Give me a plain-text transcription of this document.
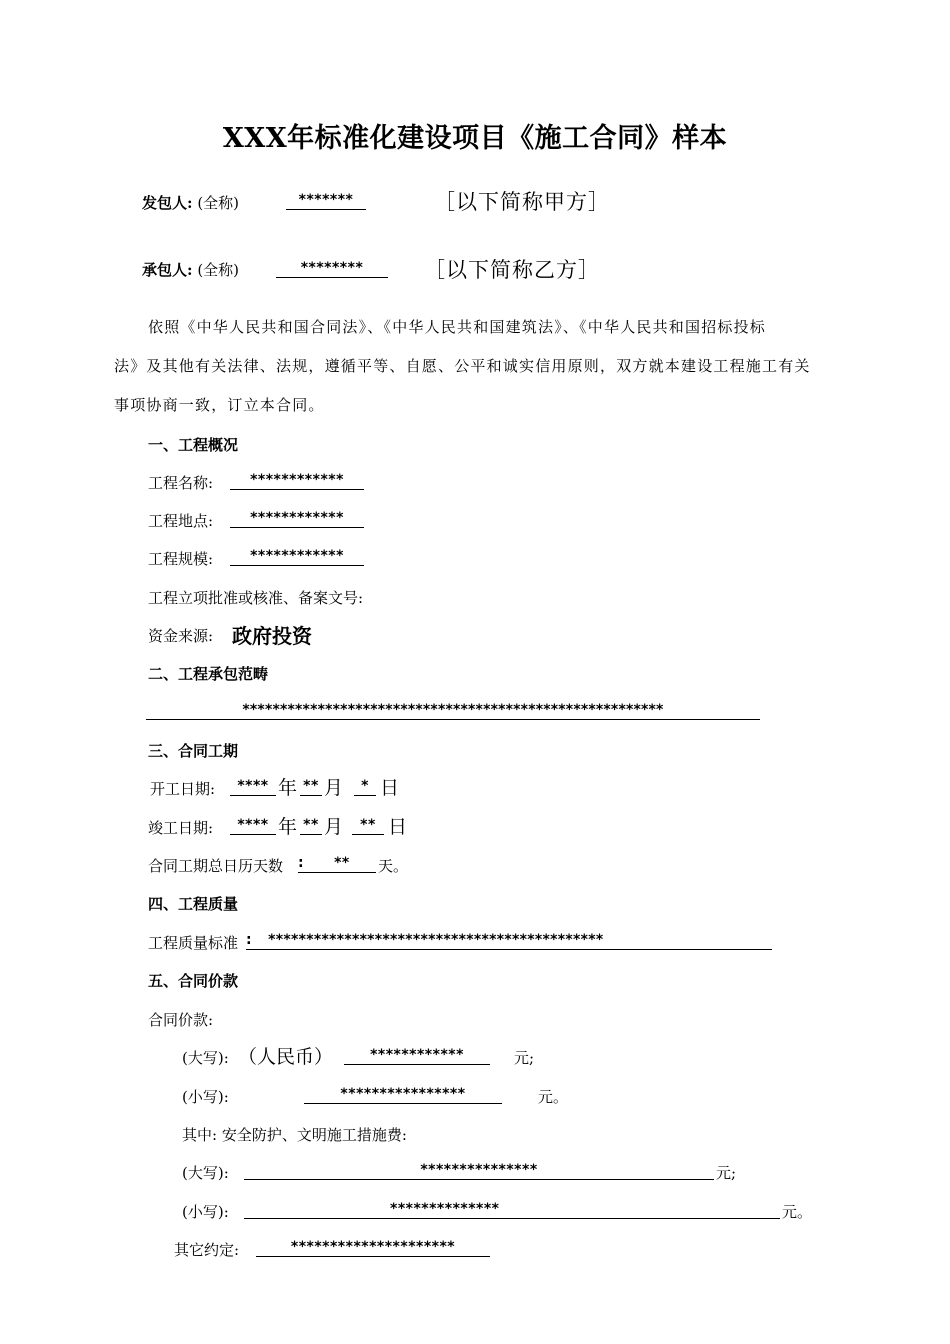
XXX年标准化建设项目《施工合同》样本
发包人: (全称)	*******	［以下简称甲方］
承包人: (全称)	********	［以下简称乙方］
依照《中华人民共和国合同法》、《中华人民共和国建筑法》、《中华人民共和国招标投标
法》及其他有关法律、法规，遵循平等、自愿、公平和诚实信用原则，双方就本建设工程施工有关
事项协商一致，订立本合同。
一、工程概况
工程名称:	************
工程地点:	************
工程规模:	************
工程立项批准或核准、备案文号:
资金来源: 政府投资
二、工程承包范畴
********************************************************
三、合同工期
开工日期:	**** 年 ** 月	* 日
竣工日期:	**** 年 ** 月	** 日
合同工期总日历天数 : **	天。
四、工程质量
工程质量标准 : ********************************************
五、合同价款
合同价款:
(大写): （人民币）	************	元;
(小写):	****************	元。
其中: 安全防护、文明施工措施费:
(大写):	***************	元;
(小写):	**************	元。
其它约定:	*********************
